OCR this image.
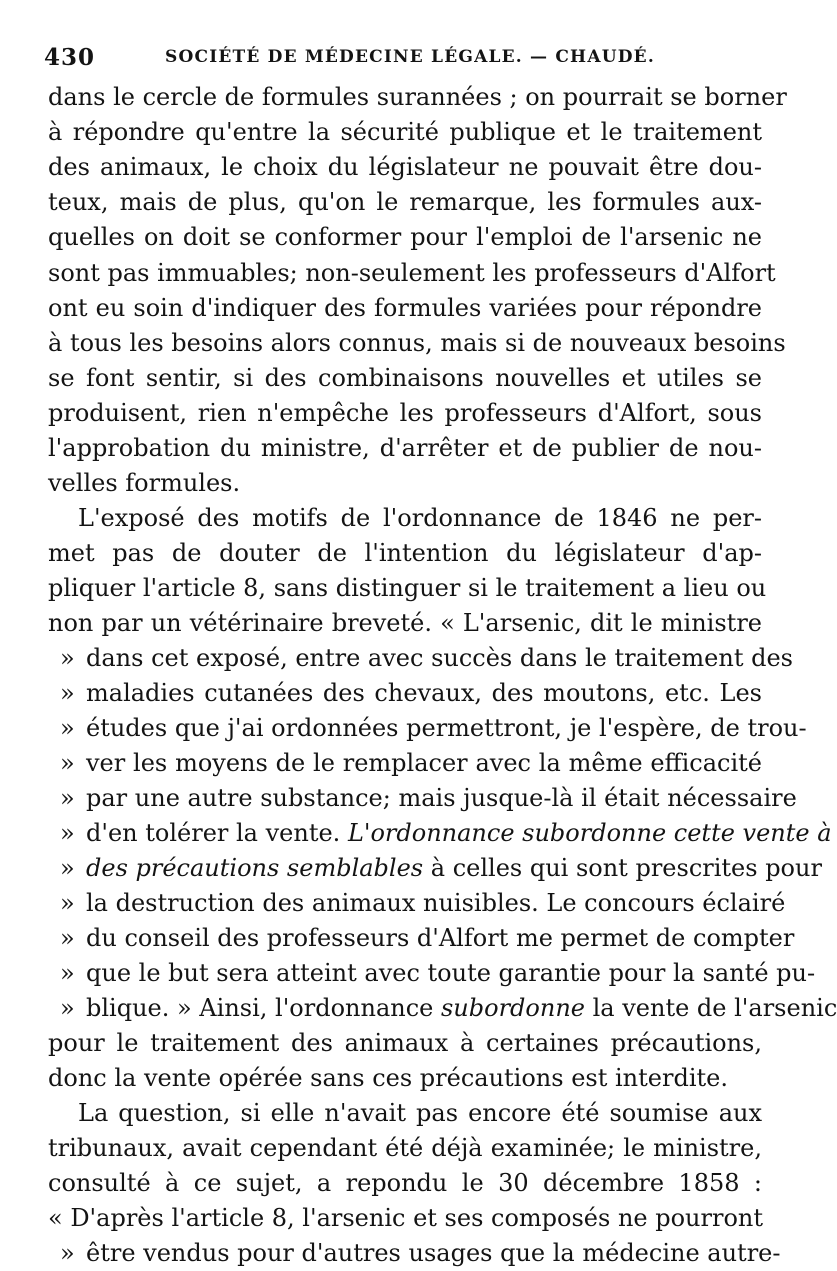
430	SOCIÉTÉ DE MÉDECINE LÉGALE. — CHAUDÉ.
dans le cercle de formules surannées ; on pourrait se borner
à répondre qu'entre la sécurité publique et le traitement
des animaux, le choix du législateur ne pouvait être dou-
teux, mais de plus, qu'on le remarque, les formules aux-
quelles on doit se conformer pour l'emploi de l'arsenic ne
sont pas immuables; non-seulement les professeurs d'Alfort
ont eu soin d'indiquer des formules variées pour répondre
à tous les besoins alors connus, mais si de nouveaux besoins
se font sentir, si des combinaisons nouvelles et utiles se
produisent, rien n'empêche les professeurs d'Alfort, sous
l'approbation du ministre, d'arrêter et de publier de nou-
velles formules.
L'exposé des motifs de l'ordonnance de 1846 ne per-
met pas de douter de l'intention du législateur d'ap-
pliquer l'article 8, sans distinguer si le traitement a lieu ou
non par un vétérinaire breveté. « L'arsenic, dit le ministre
» dans cet exposé, entre avec succès dans le traitement des
» maladies cutanées des chevaux, des moutons, etc. Les
» études que j'ai ordonnées permettront, je l'espère, de trou-
» ver les moyens de le remplacer avec la même efficacité
» par une autre substance; mais jusque-là il était nécessaire
» d'en tolérer la vente. L'ordonnance subordonne cette vente à
» des précautions semblables à celles qui sont prescrites pour
» la destruction des animaux nuisibles. Le concours éclairé
» du conseil des professeurs d'Alfort me permet de compter
» que le but sera atteint avec toute garantie pour la santé pu-
» blique. » Ainsi, l'ordonnance subordonne la vente de l'arsenic
pour le traitement des animaux à certaines précautions,
donc la vente opérée sans ces précautions est interdite.
La question, si elle n'avait pas encore été soumise aux
tribunaux, avait cependant été déjà examinée; le ministre,
consulté à ce sujet, a repondu le 30 décembre 1858 :
« D'après l'article 8, l'arsenic et ses composés ne pourront
» être vendus pour d'autres usages que la médecine autre-
